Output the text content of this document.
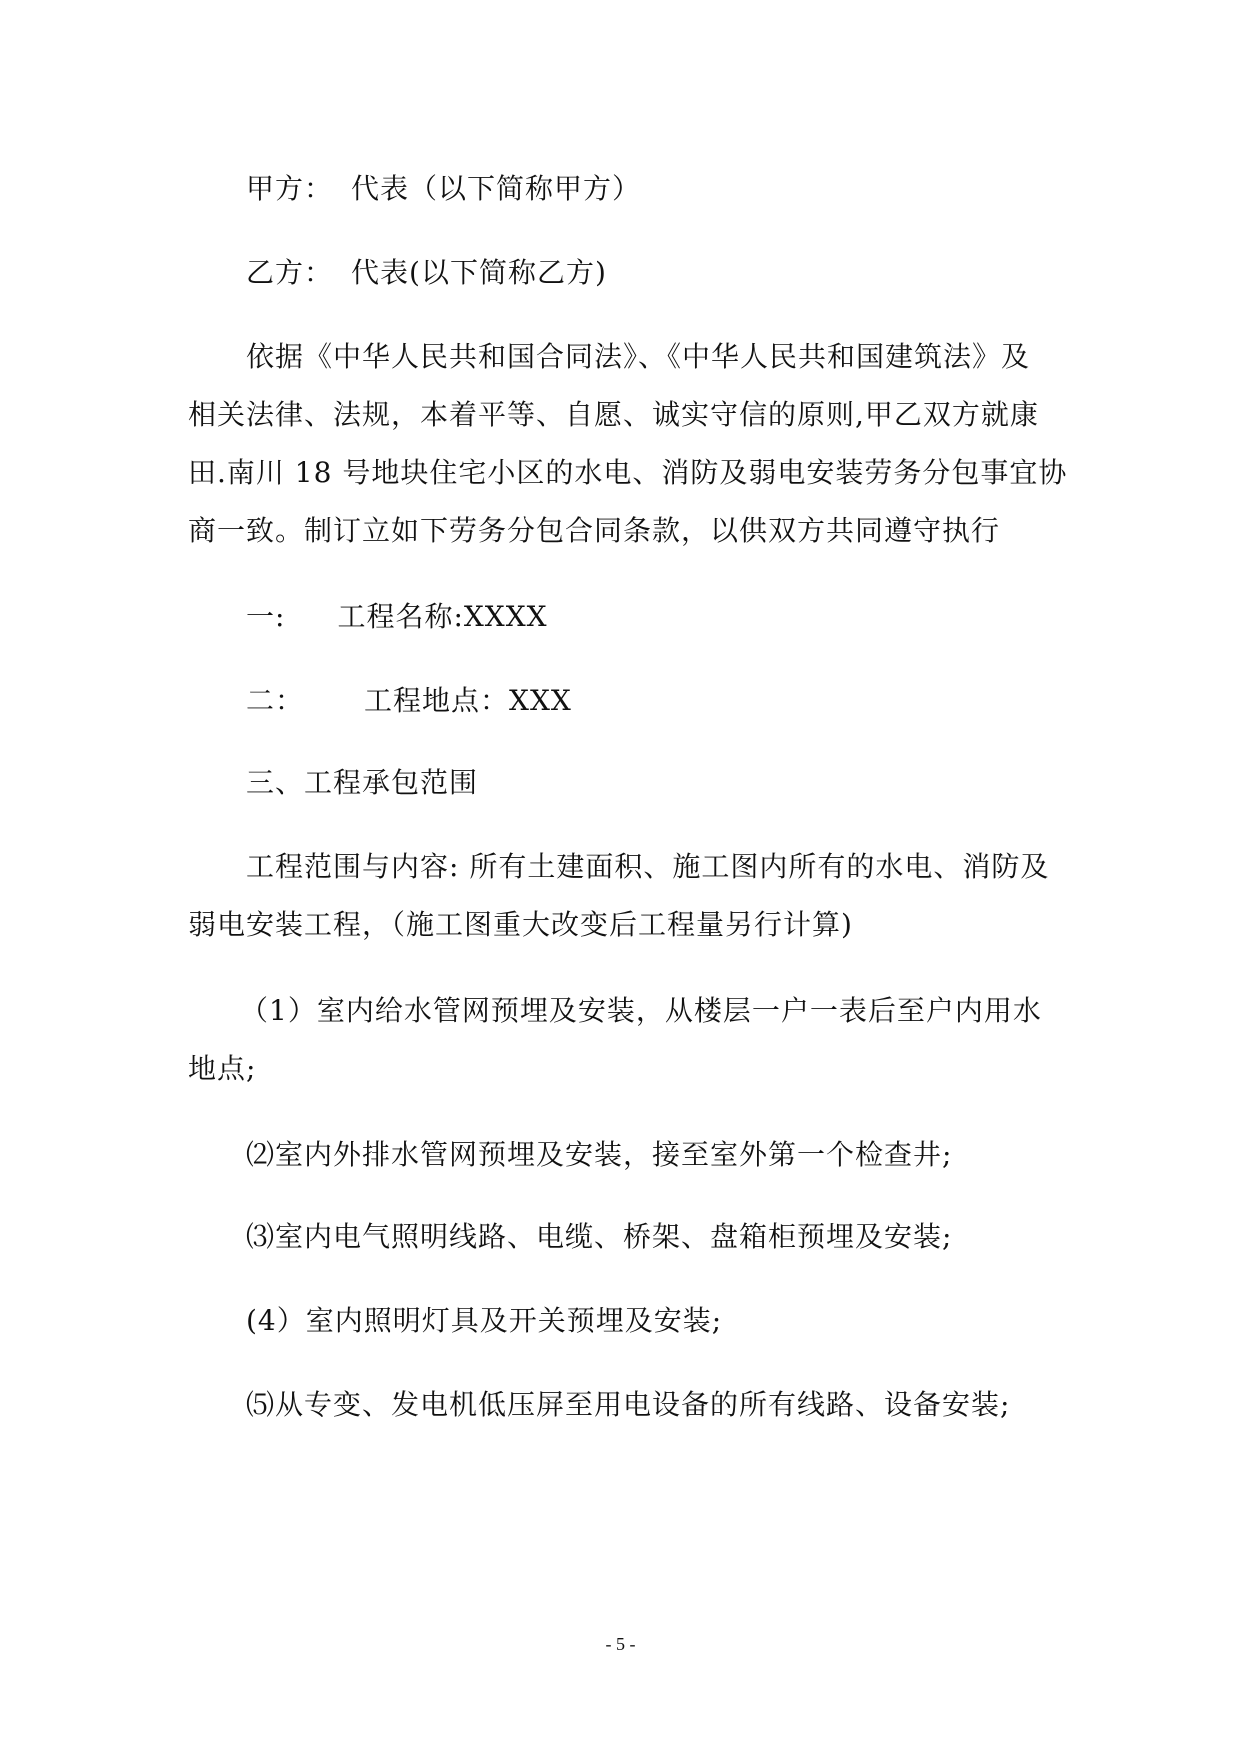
甲方： 代表（以下简称甲方）
乙方： 代表(以下简称乙方)
依据《中华人民共和国合同法》、《中华人民共和国建筑法》及
相关法律、法规，本着平等、自愿、诚实守信的原则,甲乙双方就康
田.南川 18 号地块住宅小区的水电、消防及弱电安装劳务分包事宜协
商一致。制订立如下劳务分包合同条款，以供双方共同遵守执行
一: 工程名称:XXXX
二： 工程地点：XXX
三、工程承包范围
工程范围与内容: 所有土建面积、施工图内所有的水电、消防及
弱电安装工程，（施工图重大改变后工程量另行计算)
（1）室内给水管网预埋及安装，从楼层一户一表后至户内用水
地点;
⑵室内外排水管网预埋及安装，接至室外第一个检查井;
⑶室内电气照明线路、电缆、桥架、盘箱柜预埋及安装;
(4）室内照明灯具及开关预埋及安装;
⑸从专变、发电机低压屏至用电设备的所有线路、设备安装;
- 5 -
